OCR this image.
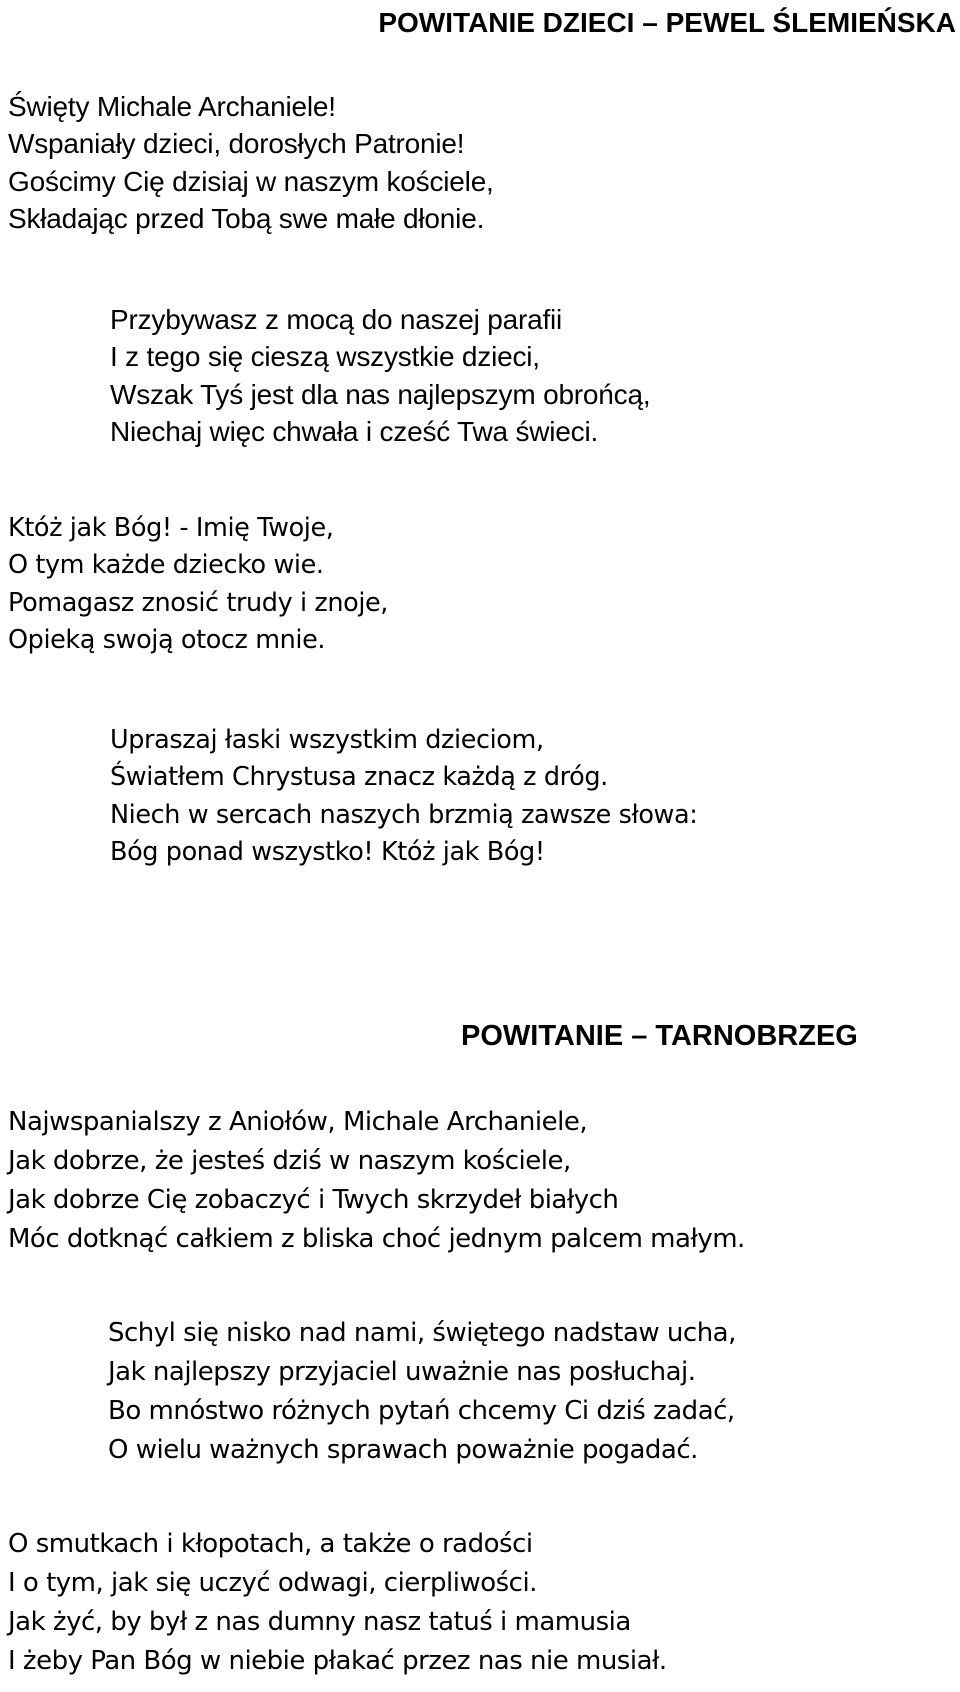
POWITANIE DZIECI – PEWEL ŚLEMIEŃSKA
Święty Michale Archaniele!
Wspaniały dzieci, dorosłych Patronie!
Gościmy Cię dzisiaj w naszym kościele,
Składając przed Tobą swe małe dłonie.
Przybywasz z mocą do naszej parafii
I z tego się cieszą wszystkie dzieci,
Wszak Tyś jest dla nas najlepszym obrońcą,
Niechaj więc chwała i cześć Twa świeci.
Któż jak Bóg! - Imię Twoje,
O tym każde dziecko wie.
Pomagasz znosić trudy i znoje,
Opieką swoją otocz mnie.
Upraszaj łaski wszystkim dzieciom,
Światłem Chrystusa znacz każdą z dróg.
Niech w sercach naszych brzmią zawsze słowa:
Bóg ponad wszystko! Któż jak Bóg!
POWITANIE – TARNOBRZEG
Najwspanialszy z Aniołów, Michale Archaniele,
Jak dobrze, że jesteś dziś w naszym kościele,
Jak dobrze Cię zobaczyć i Twych skrzydeł białych
Móc dotknąć całkiem z bliska choć jednym palcem małym.
Schyl się nisko nad nami, świętego nadstaw ucha,
Jak najlepszy przyjaciel uważnie nas posłuchaj.
Bo mnóstwo różnych pytań chcemy Ci dziś zadać,
O wielu ważnych sprawach poważnie pogadać.
O smutkach i kłopotach, a także o radości
I o tym, jak się uczyć odwagi, cierpliwości.
Jak żyć, by był z nas dumny nasz tatuś i mamusia
I żeby Pan Bóg w niebie płakać przez nas nie musiał.
